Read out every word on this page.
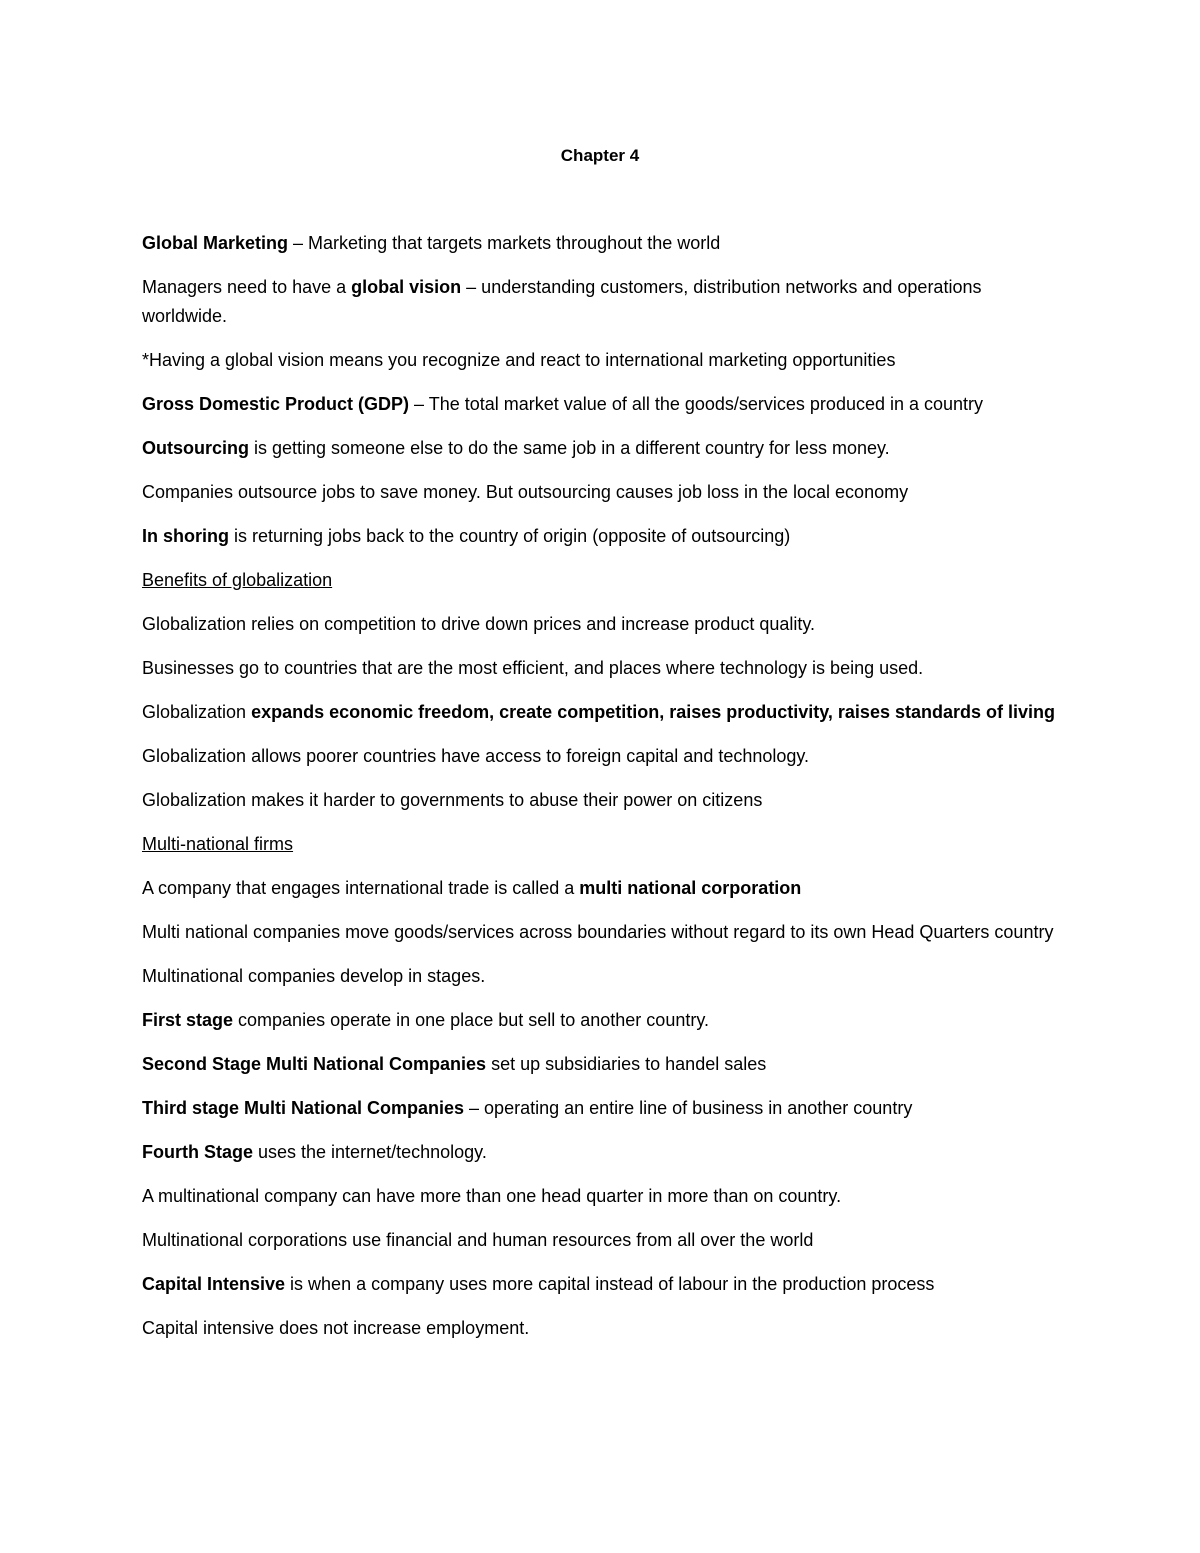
Chapter 4

Global Marketing – Marketing that targets markets throughout the world

Managers need to have a global vision – understanding customers, distribution networks and operations worldwide.

*Having a global vision means you recognize and react to international marketing opportunities

Gross Domestic Product (GDP) – The total market value of all the goods/services produced in a country

Outsourcing is getting someone else to do the same job in a different country for less money.

Companies outsource jobs to save money. But outsourcing causes job loss in the local economy

In shoring is returning jobs back to the country of origin (opposite of outsourcing)

Benefits of globalization

Globalization relies on competition to drive down prices and increase product quality.

Businesses go to countries that are the most efficient, and places where technology is being used.

Globalization expands economic freedom, create competition, raises productivity, raises standards of living

Globalization allows poorer countries have access to foreign capital and technology.

Globalization makes it harder to governments to abuse their power on citizens

Multi-national firms

A company that engages international trade is called a multi national corporation

Multi national companies move goods/services across boundaries without regard to its own Head Quarters country

Multinational companies develop in stages.

First stage companies operate in one place but sell to another country.

Second Stage Multi National Companies set up subsidiaries to handel sales

Third stage Multi National Companies – operating an entire line of business in another country

Fourth Stage uses the internet/technology.

A multinational company can have more than one head quarter in more than on country.

Multinational corporations use financial and human resources from all over the world

Capital Intensive is when a company uses more capital instead of labour in the production process

Capital intensive does not increase employment.
